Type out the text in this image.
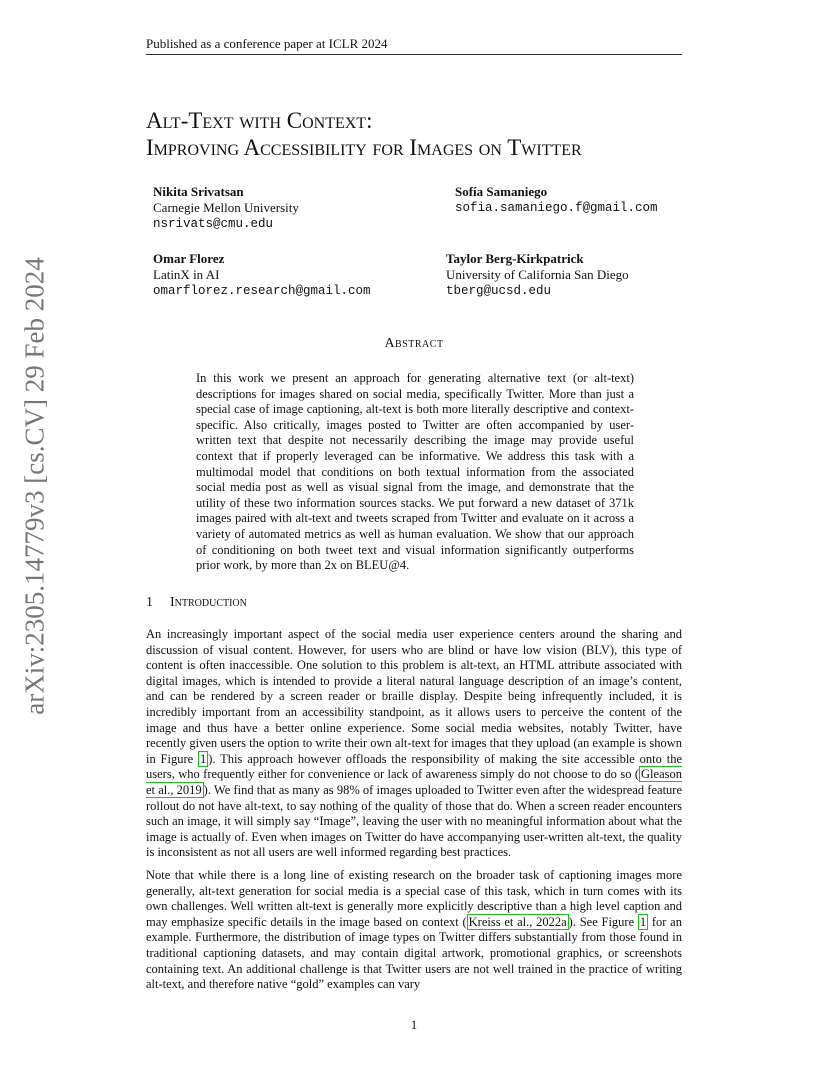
Published as a conference paper at ICLR 2024
arXiv:2305.14779v3 [cs.CV] 29 Feb 2024
Alt-Text with Context:
Improving Accessibility for Images on Twitter
Nikita Srivatsan
Carnegie Mellon University
nsrivats@cmu.edu
Sofía Samaniego
sofia.samaniego.f@gmail.com
Omar Florez
LatinX in AI
omarflorez.research@gmail.com
Taylor Berg-Kirkpatrick
University of California San Diego
tberg@ucsd.edu
Abstract
In this work we present an approach for generating alternative text (or alt-text) descriptions for images shared on social media, specifically Twitter. More than just a special case of image captioning, alt-text is both more literally descriptive and context-specific. Also critically, images posted to Twitter are often accompanied by user-written text that despite not necessarily describing the image may provide useful context that if properly leveraged can be informative. We address this task with a multimodal model that conditions on both textual information from the associated social media post as well as visual signal from the image, and demonstrate that the utility of these two information sources stacks. We put forward a new dataset of 371k images paired with alt-text and tweets scraped from Twitter and evaluate on it across a variety of automated metrics as well as human evaluation. We show that our approach of conditioning on both tweet text and visual information significantly outperforms prior work, by more than 2x on BLEU@4.
1 Introduction
An increasingly important aspect of the social media user experience centers around the sharing and discussion of visual content. However, for users who are blind or have low vision (BLV), this type of content is often inaccessible. One solution to this problem is alt-text, an HTML attribute associated with digital images, which is intended to provide a literal natural language description of an image’s content, and can be rendered by a screen reader or braille display. Despite being infrequently included, it is incredibly important from an accessibility standpoint, as it allows users to perceive the content of the image and thus have a better online experience. Some social media websites, notably Twitter, have recently given users the option to write their own alt-text for images that they upload (an example is shown in Figure 1 ). This approach however offloads the responsibility of making the site accessible onto the users, who frequently either for convenience or lack of awareness simply do not choose to do so ( Gleason et al., 2019 ). We find that as many as 98% of images uploaded to Twitter even after the widespread feature rollout do not have alt-text, to say nothing of the quality of those that do. When a screen reader encounters such an image, it will simply say “Image”, leaving the user with no meaningful information about what the image is actually of. Even when images on Twitter do have accompanying user-written alt-text, the quality is inconsistent as not all users are well informed regarding best practices.
Note that while there is a long line of existing research on the broader task of captioning images more generally, alt-text generation for social media is a special case of this task, which in turn comes with its own challenges. Well written alt-text is generally more explicitly descriptive than a high level caption and may emphasize specific details in the image based on context ( Kreiss et al., 2022a ). See Figure 1 for an example. Furthermore, the distribution of image types on Twitter differs substantially from those found in traditional captioning datasets, and may contain digital artwork, promotional graphics, or screenshots containing text. An additional challenge is that Twitter users are not well trained in the practice of writing alt-text, and therefore native “gold” examples can vary
1
